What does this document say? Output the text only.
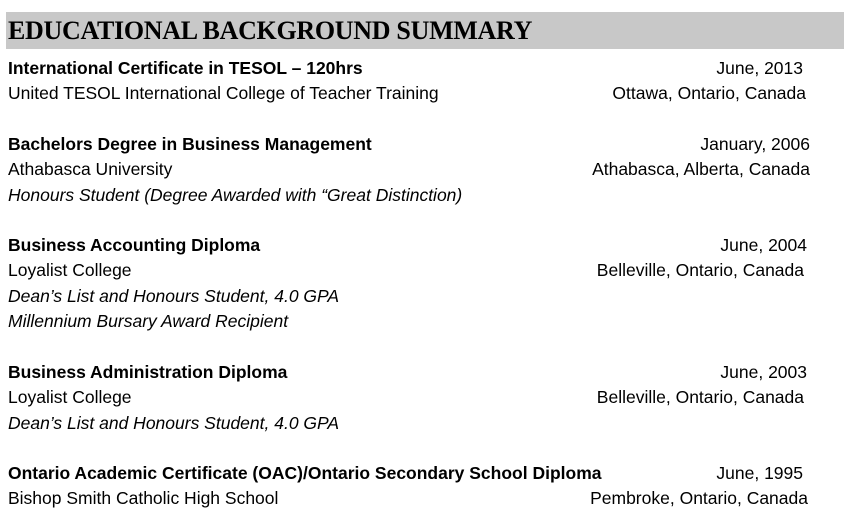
EDUCATIONAL BACKGROUND SUMMARY
International Certificate in TESOL – 120hrs	June, 2013
United TESOL International College of Teacher Training	Ottawa, Ontario, Canada
Bachelors Degree in Business Management	January, 2006
Athabasca University	Athabasca, Alberta, Canada
Honours Student (Degree Awarded with “Great Distinction)
Business Accounting Diploma	June, 2004
Loyalist College	Belleville, Ontario, Canada
Dean’s List and Honours Student, 4.0 GPA
Millennium Bursary Award Recipient
Business Administration Diploma	June, 2003
Loyalist College	Belleville, Ontario, Canada
Dean’s List and Honours Student, 4.0 GPA
Ontario Academic Certificate (OAC)/Ontario Secondary School Diploma	June, 1995
Bishop Smith Catholic High School	Pembroke, Ontario, Canada
